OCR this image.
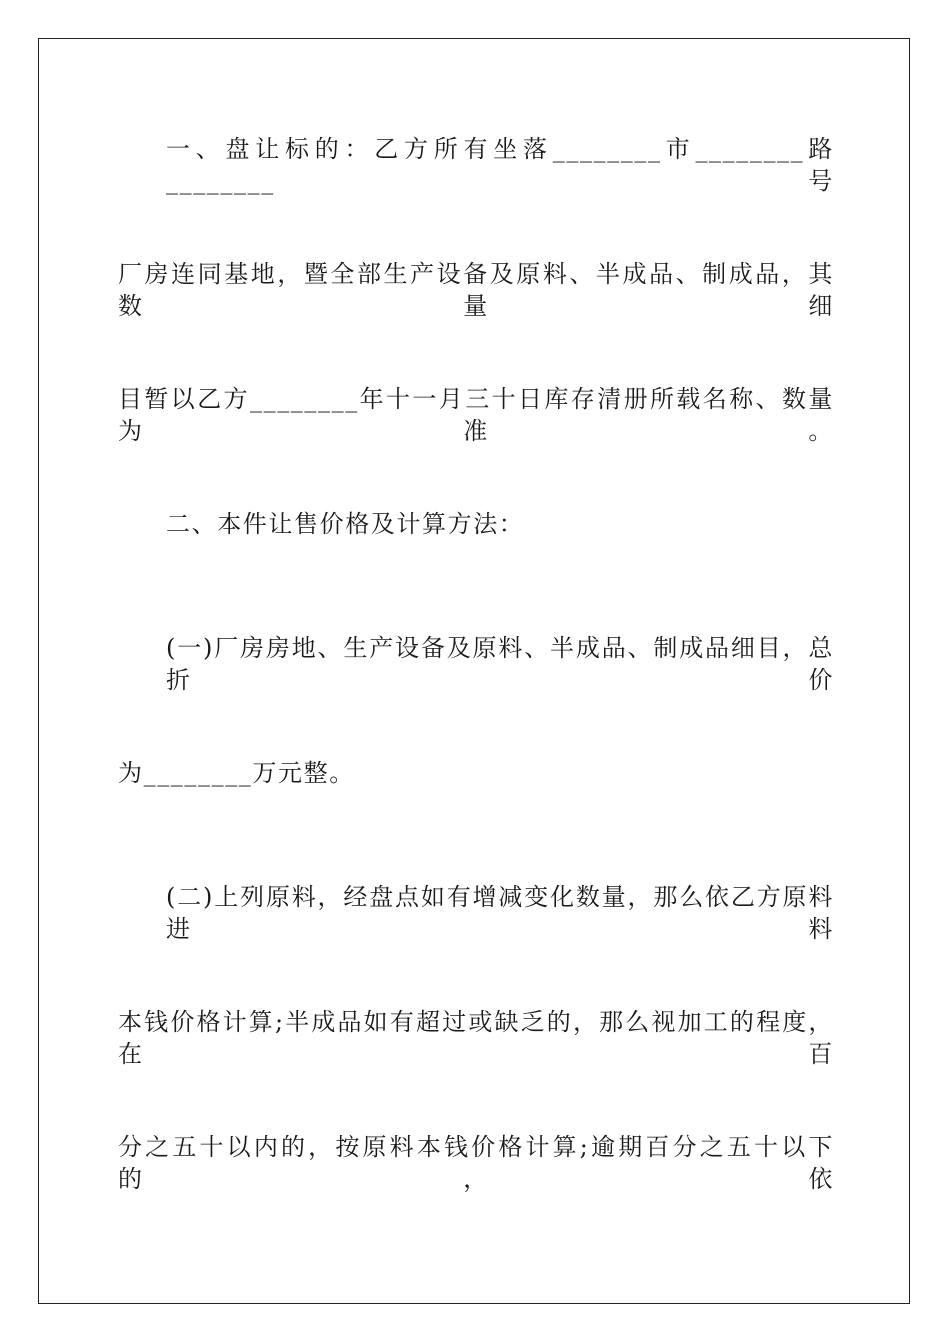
一、盘让标的：乙方所有坐落________市________路________号
厂房连同基地，暨全部生产设备及原料、半成品、制成品，其数量细
目暂以乙方________年十一月三十日库存清册所载名称、数量为准。
二、本件让售价格及计算方法：
(一)厂房房地、生产设备及原料、半成品、制成品细目，总折价
为________万元整。
(二)上列原料，经盘点如有增减变化数量，那么依乙方原料进料
本钱价格计算;半成品如有超过或缺乏的，那么视加工的程度，在百
分之五十以内的，按原料本钱价格计算;逾期百分之五十以下的，依
